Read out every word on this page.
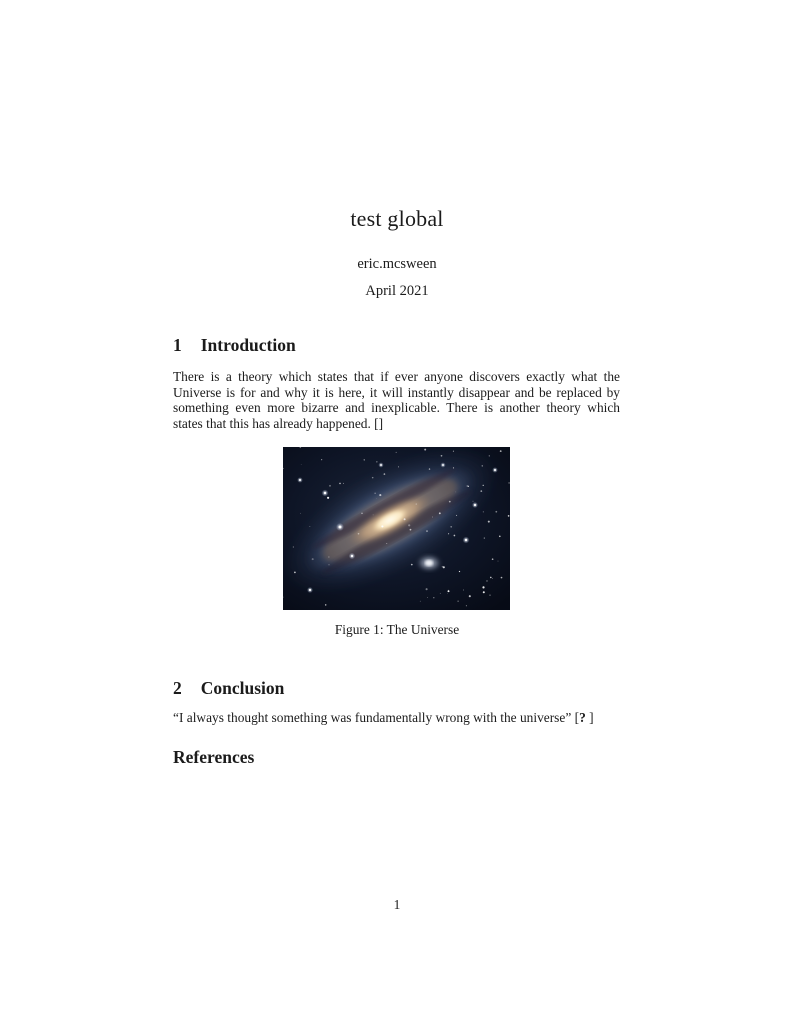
test global
eric.mcsween
April 2021
1 Introduction
There is a theory which states that if ever anyone discovers exactly what the Universe is for and why it is here, it will instantly disappear and be replaced by something even more bizarre and inexplicable. There is another theory which states that this has already happened. []
Figure 1: The Universe
2 Conclusion
“I always thought something was fundamentally wrong with the universe” [? ]
References
1
